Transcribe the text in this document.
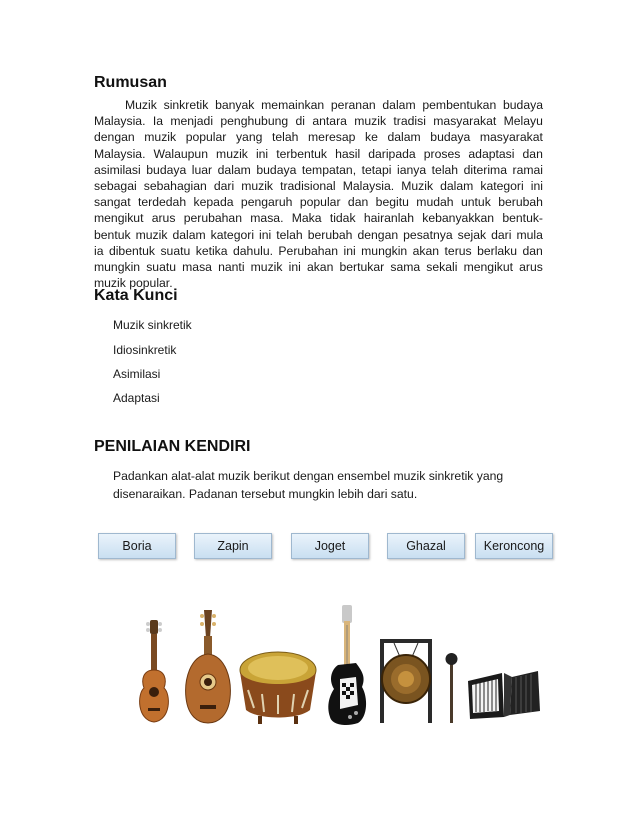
Rumusan
Muzik sinkretik banyak memainkan peranan dalam pembentukan budaya
Malaysia. Ia menjadi penghubung di antara muzik tradisi masyarakat Melayu
dengan muzik popular yang telah meresap ke dalam budaya masyarakat
Malaysia. Walaupun muzik ini terbentuk hasil daripada proses adaptasi dan
asimilasi budaya luar dalam budaya tempatan, tetapi ianya telah diterima ramai
sebagai sebahagian dari muzik tradisional Malaysia. Muzik dalam kategori ini
sangat terdedah kepada pengaruh popular dan begitu mudah untuk berubah
mengikut arus perubahan masa. Maka tidak hairanlah kebanyakkan bentuk-
bentuk muzik dalam kategori ini telah berubah dengan pesatnya sejak dari mula
ia dibentuk suatu ketika dahulu. Perubahan ini mungkin akan terus berlaku dan
mungkin suatu masa nanti muzik ini akan bertukar sama sekali mengikut arus
muzik popular.
Kata Kunci
Muzik sinkretik
Idiosinkretik
Asimilasi
Adaptasi
PENILAIAN KENDIRI
Padankan alat-alat muzik berikut dengan ensembel muzik sinkretik yang
disenaraikan. Padanan tersebut mungkin lebih dari satu.
Boria	Zapin	Joget	Ghazal	Keroncong
